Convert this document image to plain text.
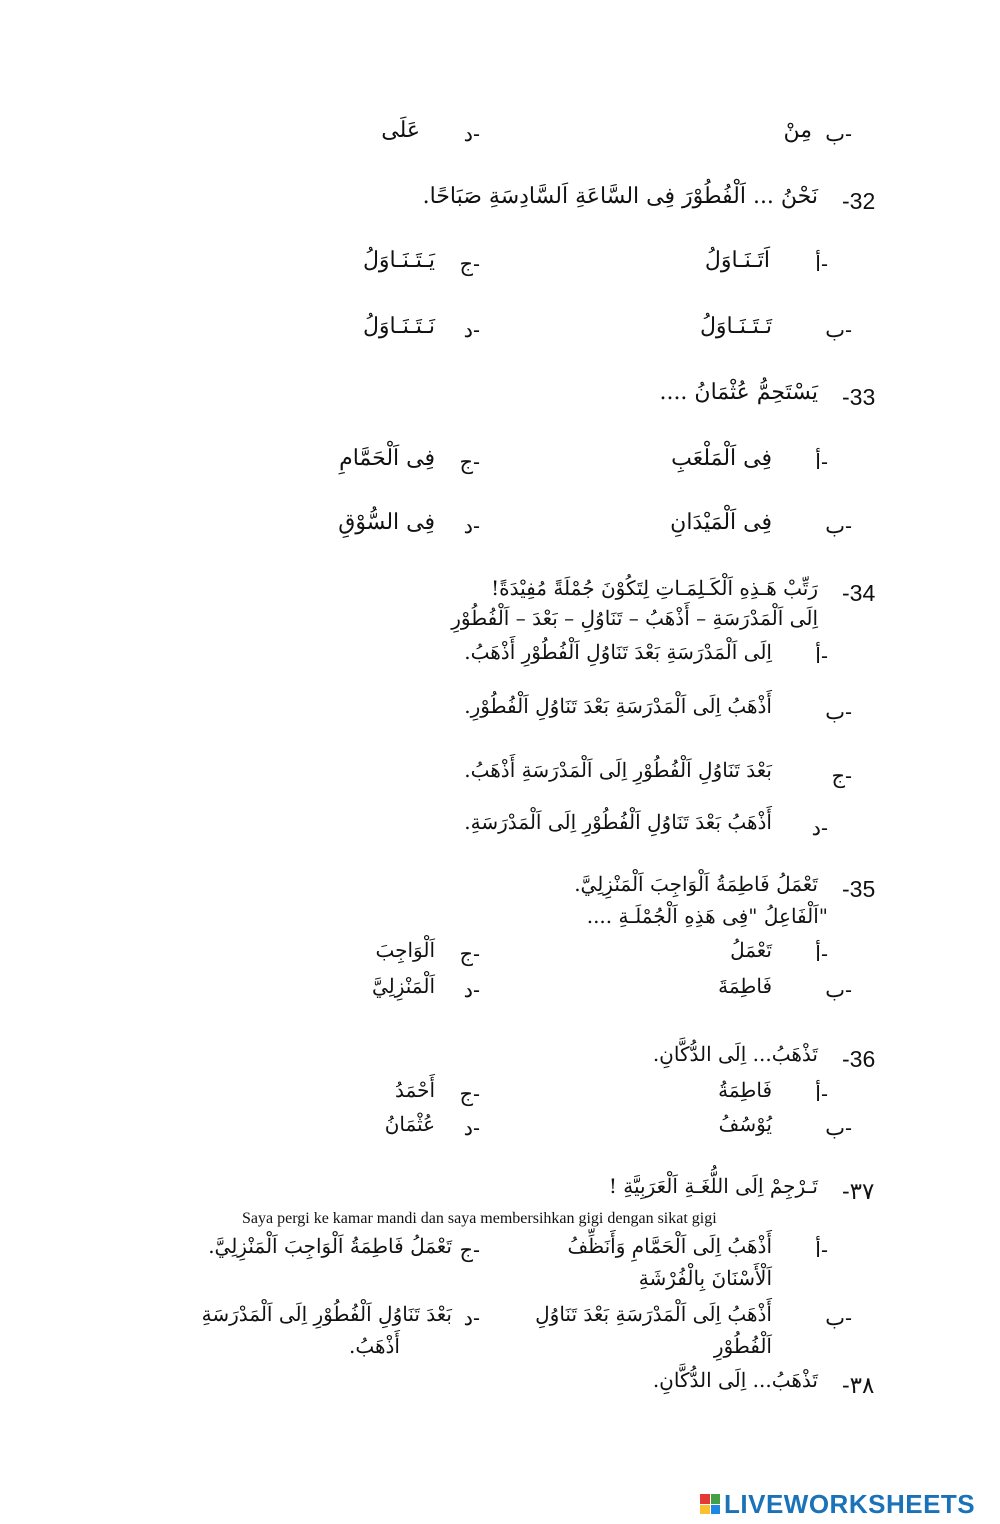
ب-
مِنْ
د-
عَلَى
-32
نَحْنُ ... اَلْفُطُوْرَ فِى السَّاعَةِ اَلسَّادِسَةِ صَبَاحًا.
أ-
اَتَـنَـاوَلُ
ج-
يَـتَـنَـاوَلُ
ب-
تَـتَـنَـاوَلُ
د-
نَـتَـنَـاوَلُ
-33
يَسْتَحِمُّ عُثْمَانُ ....
أ-
فِى اَلْمَلْعَبِ
ج-
فِى اَلْحَمَّامِ
ب-
فِى اَلْمَيْدَانِ
د-
فِى السُّوْقِ
-34
رَتِّبْ هَـذِهِ اَلْكَـلِمَـاتِ لِتَكُوْنَ جُمْلَةً مُفِيْدَةً!
اِلَى اَلْمَدْرَسَةِ – أَذْهَبُ – تَنَاوُلِ – بَعْدَ – اَلْفُطُوْرِ
أ-
اِلَى اَلْمَدْرَسَةِ بَعْدَ تَنَاوُلِ اَلْفُطُوْرِ أَذْهَبُ.
ب-
أَذْهَبُ اِلَى اَلْمَدْرَسَةِ بَعْدَ تَنَاوُلِ اَلْفُطُوْرِ.
ج-
بَعْدَ تَنَاوُلِ اَلْفُطُوْرِ اِلَى اَلْمَدْرَسَةِ أَذْهَبُ.
د-
أَذْهَبُ بَعْدَ تَنَاوُلِ اَلْفُطُوْرِ اِلَى اَلْمَدْرَسَةِ.
-35
تَعْمَلُ فَاطِمَةُ اَلْوَاجِبَ اَلْمَنْزِلِيَّ.
"اَلْفَاعِلُ "فِى هَذِهِ اَلْجُمْلَـةِ ....
أ-
تَعْمَلُ
ج-
اَلْوَاجِبَ
ب-
فَاطِمَةَ
د-
اَلْمَنْزِلِيَّ
-36
تَذْهَبُ... اِلَى الدُّكَّانِ.
أ-
فَاطِمَةُ
ج-
أَحْمَدُ
ب-
يُوْسُفُ
د-
عُثْمَانُ
-٣٧
تَـرْجِمْ اِلَى اللُّغَـةِ اَلْعَرَبِيَّةِ !
Saya pergi ke kamar mandi dan saya membersihkan gigi dengan sikat gigi
أ-
أَذْهَبُ اِلَى اَلْحَمَّامِ وَأَنَظِّفُ
اَلْأَسْنَانَ بِالْفُرْشَةِ
ج-
تَعْمَلُ فَاطِمَةُ اَلْوَاجِبَ اَلْمَنْزِلِيَّ.
ب-
أَذْهَبُ اِلَى اَلْمَدْرَسَةِ بَعْدَ تَنَاوُلِ
اَلْفُطُوْرِ
د-
بَعْدَ تَنَاوُلِ اَلْفُطُوْرِ اِلَى اَلْمَدْرَسَةِ
أَذْهَبُ.
-٣٨
تَذْهَبُ... اِلَى الدُّكَّانِ.
LIVEWORKSHEETS
